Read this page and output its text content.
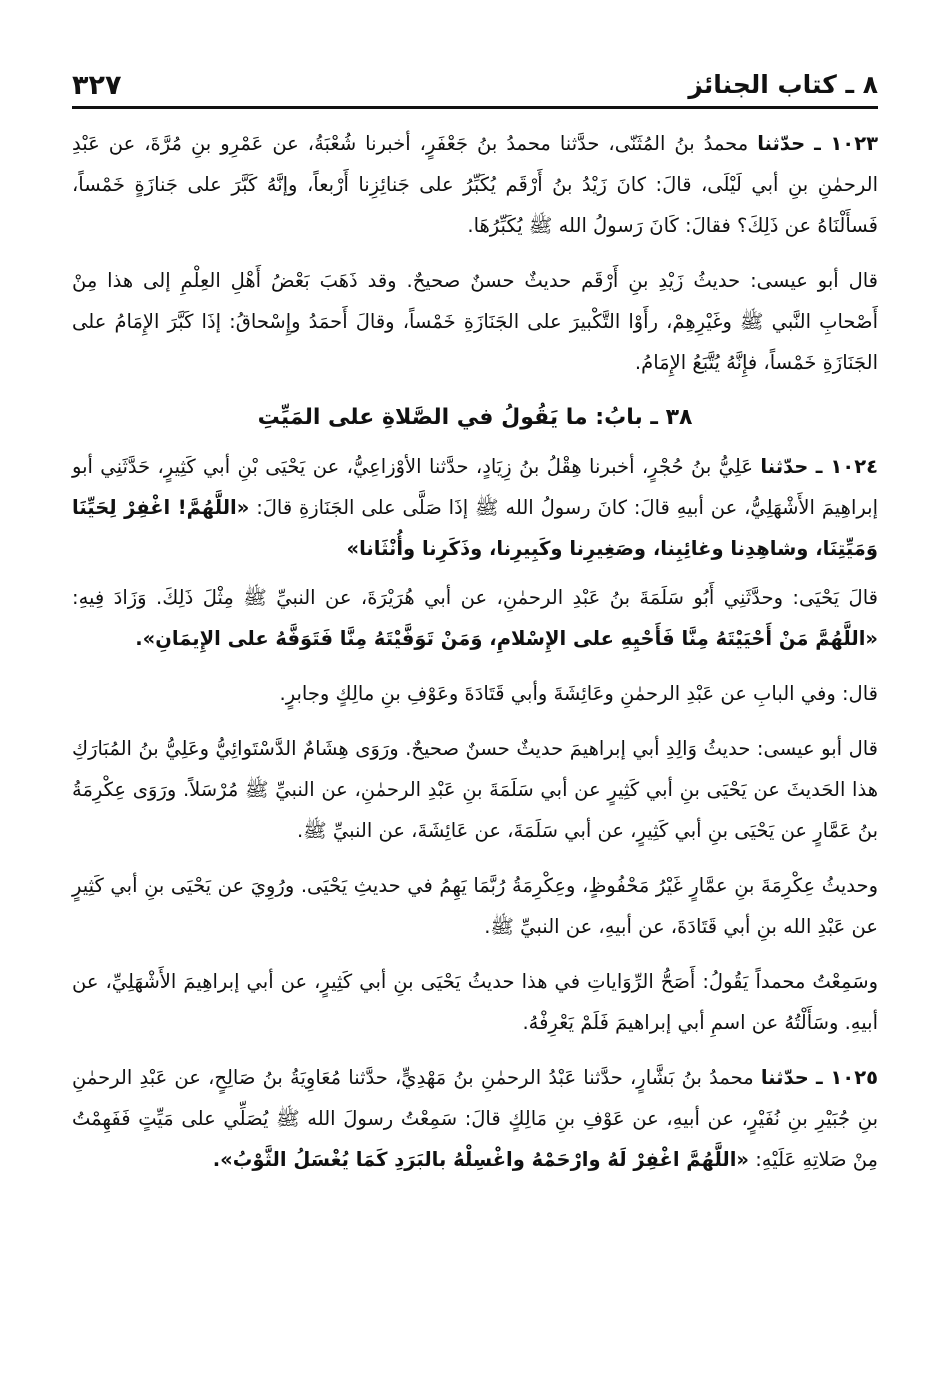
٨ ـ كتاب الجنائز
٣٢٧

١٠٢٣ ـ حدّثنا محمدُ بنُ المُثَنّى، حدَّثنا محمدُ بنُ جَعْفَرٍ، أخبرنا شُعْبَةُ، عن عَمْرِو بنِ مُرَّةَ، عن عَبْدِ الرحمٰنِ بنِ أبي لَيْلَى، قالَ: كانَ زَيْدُ بنُ أَرْقَم يُكَبِّرُ على جَنائِزِنا أَرْبعاً، وإنَّهُ كَبَّرَ على جَنازَةٍ خَمْساً، فَسأَلْنَاهُ عن ذَلِكَ؟ فقالَ: كَانَ رَسولُ الله ﷺ يُكَبِّرُهَا.

قال أبو عيسى: حديثُ زَيْدِ بنِ أَرْقَم حديثٌ حسنٌ صحيحٌ. وقد ذَهَبَ بَعْضُ أَهْلِ العِلْمِ إلى هذا مِنْ أَصْحابِ النَّبي ﷺ وغَيْرِهِمْ، رأَوْا التَّكْبيرَ على الجَنَازَةِ خَمْساً، وقالَ أَحمَدُ وإِسْحاقُ: إذَا كَبَّرَ الإِمَامُ على الجَنَازَةِ خَمْساً، فإِنَّهُ يُتَّبَعُ الإِمَامُ.

٣٨ ـ بابُ: ما يَقُولُ في الصَّلاةِ على المَيِّتِ

١٠٢٤ ـ حدّثنا عَلِيُّ بنُ حُجْرٍ، أخبرنا هِقْلُ بنُ زِيَادٍ، حدَّثنا الأوْزاعِيُّ، عن يَحْيَى بْنِ أبي كَثِيرٍ، حَدَّثَنِي أبو إبراهِيمَ الأَشْهَلِيُّ، عن أبيهِ قالَ: كانَ رسولُ الله ﷺ إذَا صَلَّى على الجَنَازةِ قالَ: «اللَّهُمَّ! اغْفِرْ لِحَيِّنَا وَمَيِّتِنَا، وشاهِدِنا وغائِبِنا، وصَغِيرِنا وكَبِيرِنا، وذَكَرِنا وأُنْثَانا»

قالَ يَحْيَى: وحدَّثَنِي أَبُو سَلَمَةَ بنُ عَبْدِ الرحمٰنِ، عن أبي هُرَيْرَةَ، عن النبيِّ ﷺ مِثْلَ ذَلِكَ. وَزَادَ فِيهِ: «اللَّهُمَّ مَنْ أَحْيَيْتَهُ مِنَّا فَأَحْيِهِ على الإِسْلامِ، وَمَنْ تَوَفَّيْتَهُ مِنَّا فَتَوَفَّهُ على الإِيمَانِ».

قال: وفي البابِ عن عَبْدِ الرحمٰنِ وعَائِشَةَ وأبي قَتَادَةَ وعَوْفِ بنِ مالِكٍ وجابرٍ.

قال أبو عيسى: حديثُ وَالِدِ أبي إبراهيمَ حديثٌ حسنٌ صحيحٌ. ورَوَى هِشَامٌ الدَّسْتَوائِيُّ وعَلِيُّ بنُ المُبَارَكِ هذا الحَديثَ عن يَحْيَى بنِ أبي كَثِيرٍ عن أبي سَلَمَةَ بنِ عَبْدِ الرحمٰنِ، عن النبيِّ ﷺ مُرْسَلاً. ورَوَى عِكْرِمَةُ بنُ عَمَّارٍ عن يَحْيَى بنِ أبي كَثِيرٍ، عن أبي سَلَمَةَ، عن عَائِشَةَ، عن النبيِّ ﷺ.

وحديثُ عِكْرِمَةَ بنِ عمَّارٍ غَيْرُ مَحْفُوظٍ، وعِكْرِمَةُ رُبَّمَا يَهِمُ في حديثِ يَحْيَى. ورُوِيَ عن يَحْيَى بنِ أبي كَثِيرٍ عن عَبْدِ الله بنِ أبي قَتَادَةَ، عن أبيهِ، عن النبيِّ ﷺ.

وسَمِعْتُ محمداً يَقُولُ: أَصَحُّ الرِّوَاياتِ في هذا حديثُ يَحْيَى بنِ أبي كَثِيرٍ، عن أبي إبراهِيمَ الأَشْهَلِيِّ، عن أبيهِ. وسَأَلْتُهُ عن اسمِ أبي إبراهيمَ فَلَمْ يَعْرِفْهُ.

١٠٢٥ ـ حدّثنا محمدُ بنُ بَشَّارٍ، حدَّثنا عَبْدُ الرحمٰنِ بنُ مَهْدِيٍّ، حدَّثنا مُعَاوِيَةُ بنُ صَالِحٍ، عن عَبْدِ الرحمٰنِ بنِ جُبَيْرِ بنِ نُفَيْرٍ، عن أبيهِ، عن عَوْفِ بنِ مَالِكٍ قالَ: سَمِعْتُ رسولَ الله ﷺ يُصَلِّي على مَيِّتٍ فَفَهِمْتُ مِنْ صَلاتِهِ عَلَيْهِ: «اللَّهُمَّ اغْفِرْ لَهُ وارْحَمْهُ واغْسِلْهُ بالبَرَدِ كَمَا يُغْسَلُ الثَّوْبُ».
